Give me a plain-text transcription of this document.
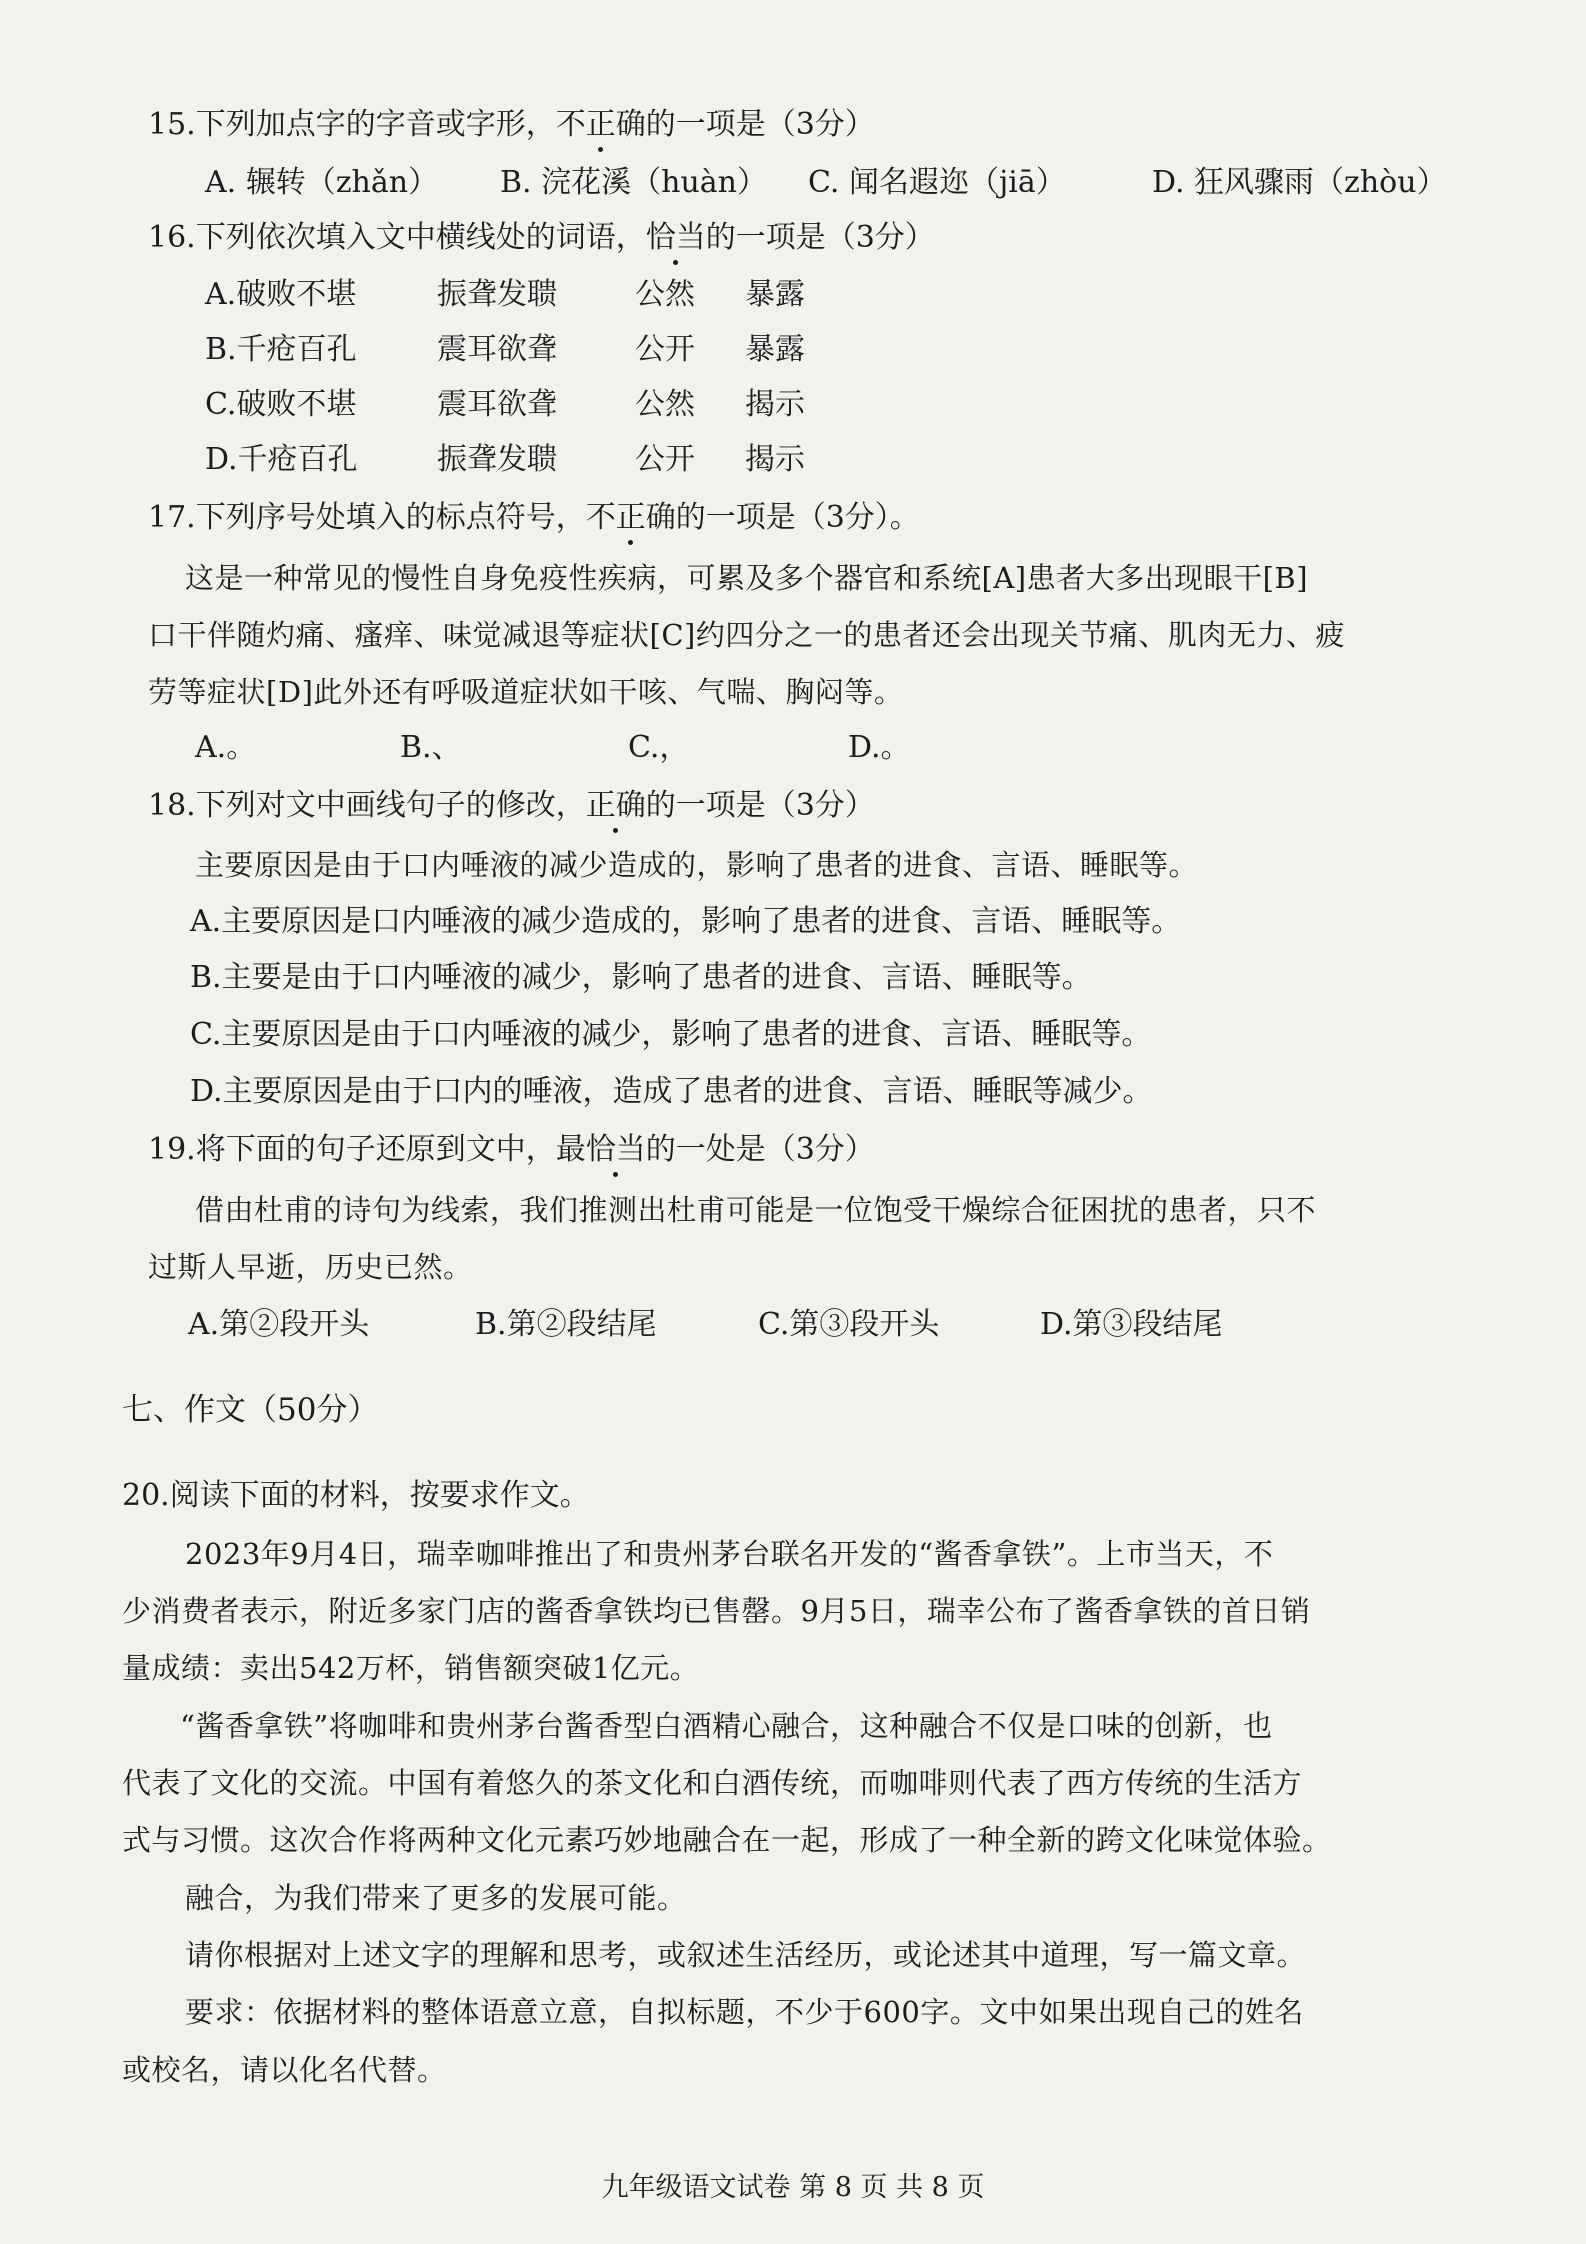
15.下列加点字的字音或字形，不正确的一项是（3分）
A. 辗转（zhǎn） B. 浣花溪（huàn） C. 闻名遐迩（jiā）	D. 狂风骤雨（zhòu）
16.下列依次填入文中横线处的词语，恰当的一项是（3分）
A.破败不堪	振聋发聩	公然 暴露
B.千疮百孔	震耳欲聋	公开 暴露
C.破败不堪	震耳欲聋	公然 揭示
D.千疮百孔	振聋发聩	公开 揭示
17.下列序号处填入的标点符号，不正确的一项是（3分）。
这是一种常见的慢性自身免疫性疾病，可累及多个器官和系统[A]患者大多出现眼干[B]
口干伴随灼痛、瘙痒、味觉减退等症状[C]约四分之一的患者还会出现关节痛、肌肉无力、疲
劳等症状[D]此外还有呼吸道症状如干咳、气喘、胸闷等。
A.。	B.、	C.，	D.。
18.下列对文中画线句子的修改，正确的一项是（3分）
主要原因是由于口内唾液的减少造成的，影响了患者的进食、言语、睡眠等。
A.主要原因是口内唾液的减少造成的，影响了患者的进食、言语、睡眠等。
B.主要是由于口内唾液的减少，影响了患者的进食、言语、睡眠等。
C.主要原因是由于口内唾液的减少，影响了患者的进食、言语、睡眠等。
D.主要原因是由于口内的唾液，造成了患者的进食、言语、睡眠等减少。
19.将下面的句子还原到文中，最恰当的一处是（3分）
借由杜甫的诗句为线索，我们推测出杜甫可能是一位饱受干燥综合征困扰的患者，只不
过斯人早逝，历史已然。
A.第②段开头	B.第②段结尾	C.第③段开头	D.第③段结尾
七、作文（50分）
20.阅读下面的材料，按要求作文。
2023年9月4日，瑞幸咖啡推出了和贵州茅台联名开发的“酱香拿铁”。上市当天，不
少消费者表示，附近多家门店的酱香拿铁均已售罄。9月5日，瑞幸公布了酱香拿铁的首日销
量成绩：卖出542万杯，销售额突破1亿元。
“酱香拿铁”将咖啡和贵州茅台酱香型白酒精心融合，这种融合不仅是口味的创新，也
代表了文化的交流。中国有着悠久的茶文化和白酒传统，而咖啡则代表了西方传统的生活方
式与习惯。这次合作将两种文化元素巧妙地融合在一起，形成了一种全新的跨文化味觉体验。
融合，为我们带来了更多的发展可能。
请你根据对上述文字的理解和思考，或叙述生活经历，或论述其中道理，写一篇文章。
要求：依据材料的整体语意立意，自拟标题，不少于600字。文中如果出现自己的姓名
或校名，请以化名代替。
九年级语文试卷 第 8 页 共 8 页
